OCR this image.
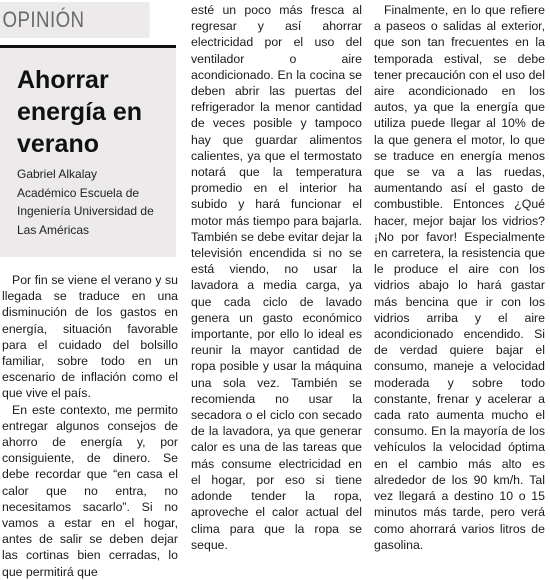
OPINIÓN
Ahorrar energía en verano
Gabriel Alkalay
Académico Escuela de
Ingeniería Universidad de
Las Américas

Por fin se viene el verano y su llegada se traduce en una disminución de los gastos en energía, situación favorable para el cuidado del bolsillo familiar, sobre todo en un escenario de inflación como el que vive el país.

En este contexto, me permito entregar algunos consejos de ahorro de energía y, por consiguiente, de dinero. Se debe recordar que “en casa el calor que no entra, no necesitamos sacarlo”. Si no vamos a estar en el hogar, antes de salir se deben dejar las cortinas bien cerradas, lo que permitirá que

esté un poco más fresca al regresar y así ahorrar electricidad por el uso del ventilador o aire acondicionado. En la cocina se deben abrir las puertas del refrigerador la menor cantidad de veces posible y tampoco hay que guardar alimentos calientes, ya que el termostato notará que la temperatura promedio en el interior ha subido y hará funcionar el motor más tiempo para bajarla. También se debe evitar dejar la televisión encendida si no se está viendo, no usar la lavadora a media carga, ya que cada ciclo de lavado genera un gasto económico importante, por ello lo ideal es reunir la mayor cantidad de ropa posible y usar la máquina una sola vez. También se recomienda no usar la secadora o el ciclo con secado de la lavadora, ya que generar calor es una de las tareas que más consume electricidad en el hogar, por eso si tiene adonde tender la ropa, aproveche el calor actual del clima para que la ropa se seque.

Finalmente, en lo que refiere a paseos o salidas al exterior, que son tan frecuentes en la temporada estival, se debe tener precaución con el uso del aire acondicionado en los autos, ya que la energía que utiliza puede llegar al 10% de la que genera el motor, lo que se traduce en energía menos que se va a las ruedas, aumentando así el gasto de combustible. Entonces ¿Qué hacer, mejor bajar los vidrios? ¡No por favor! Especialmente en carretera, la resistencia que le produce el aire con los vidrios abajo lo hará gastar más bencina que ir con los vidrios arriba y el aire acondicionado encendido. Si de verdad quiere bajar el consumo, maneje a velocidad moderada y sobre todo constante, frenar y acelerar a cada rato aumenta mucho el consumo. En la mayoría de los vehículos la velocidad óptima en el cambio más alto es alrededor de los 90 km/h. Tal vez llegará a destino 10 o 15 minutos más tarde, pero verá como ahorrará varios litros de gasolina.
